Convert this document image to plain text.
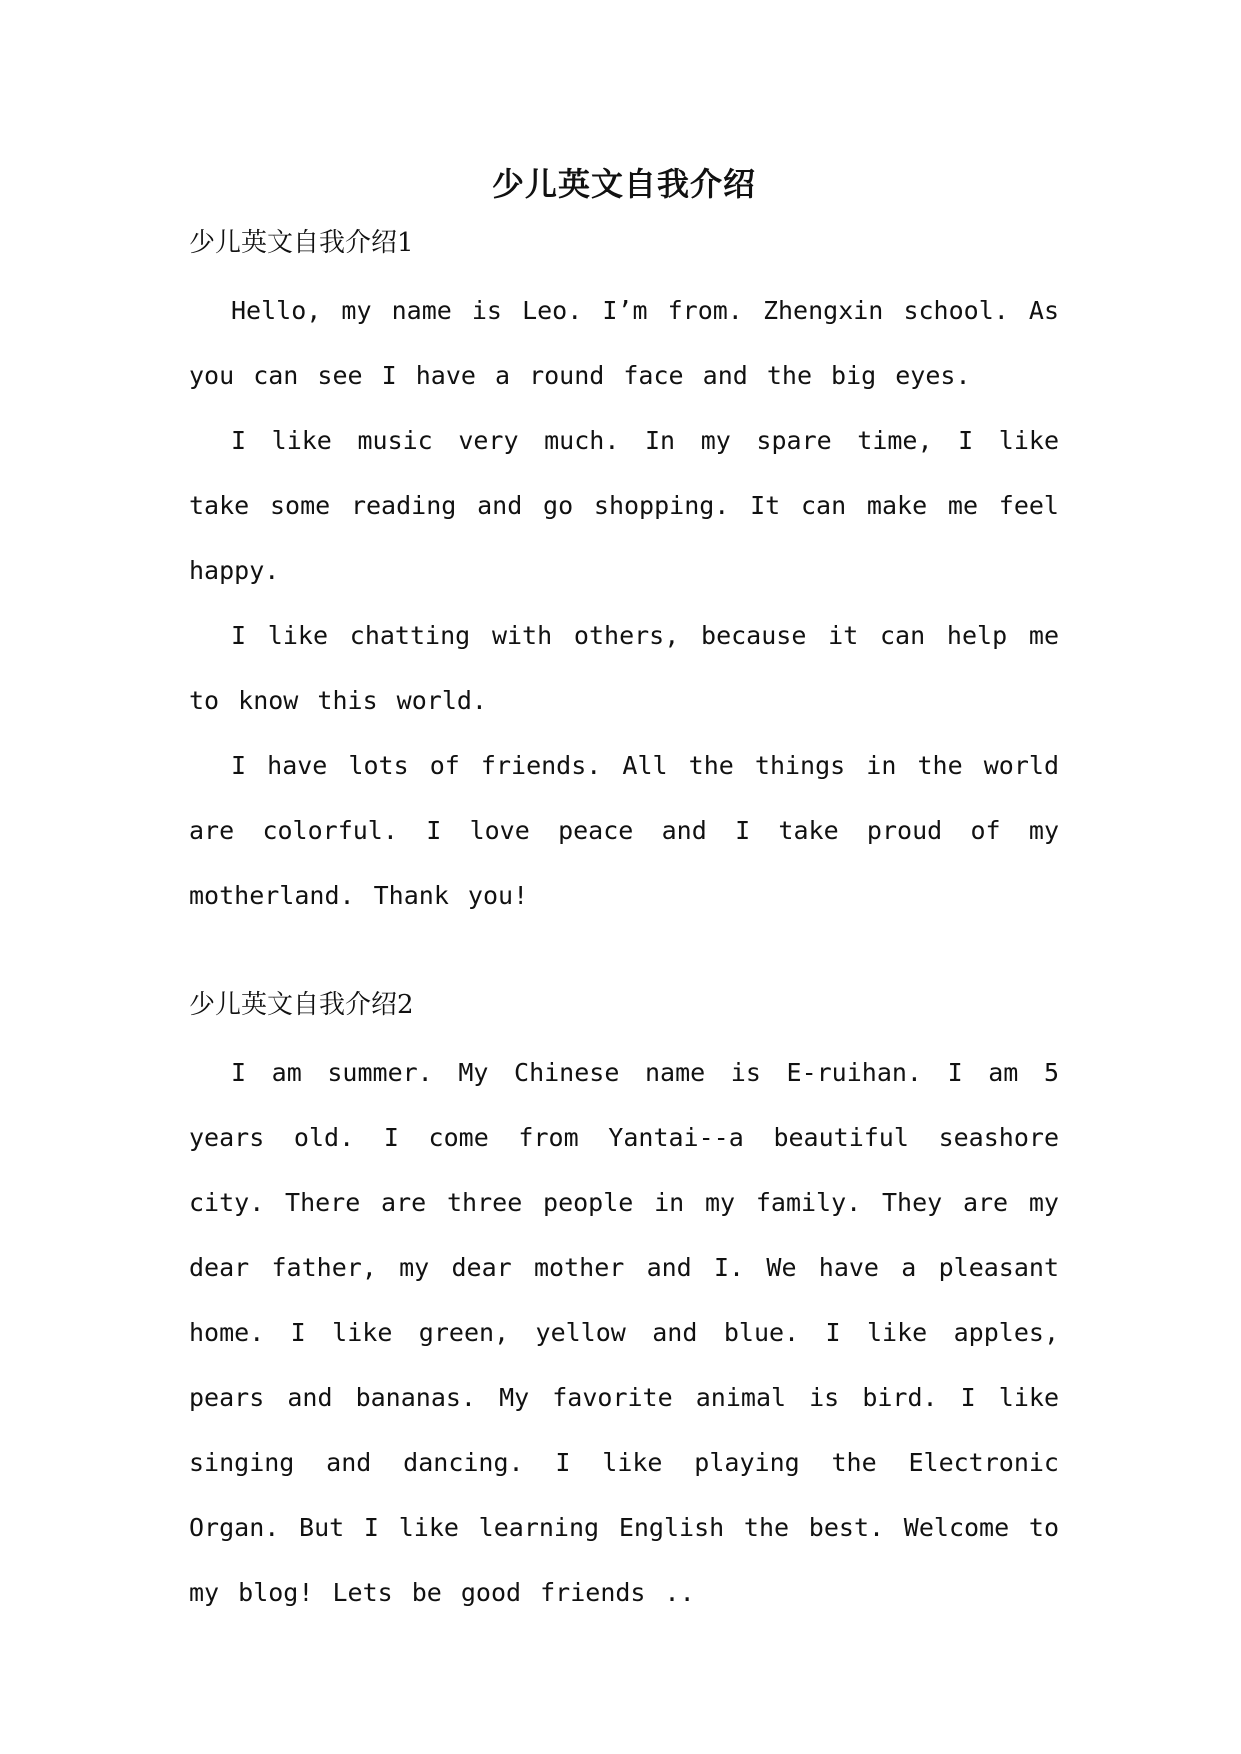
少儿英文自我介绍
少儿英文自我介绍1

Hello, my name is Leo. I’m from. Zhengxin school. As you can see I have a round face and the big eyes.

I like music very much. In my spare time, I like take some reading and go shopping. It can make me feel happy.

I like chatting with others, because it can help me to know this world.

I have lots of friends. All the things in the world are colorful. I love peace and I take proud of my motherland. Thank you!

少儿英文自我介绍2

I am summer. My Chinese name is E-ruihan. I am 5 years old. I come from Yantai--a beautiful seashore city. There are three people in my family. They are my dear father, my dear mother and I. We have a pleasant home. I like green, yellow and blue. I like apples, pears and bananas. My favorite animal is bird. I like singing and dancing. I like playing the Electronic Organ. But I like learning English the best. Welcome to my blog! Lets be good friends ..
